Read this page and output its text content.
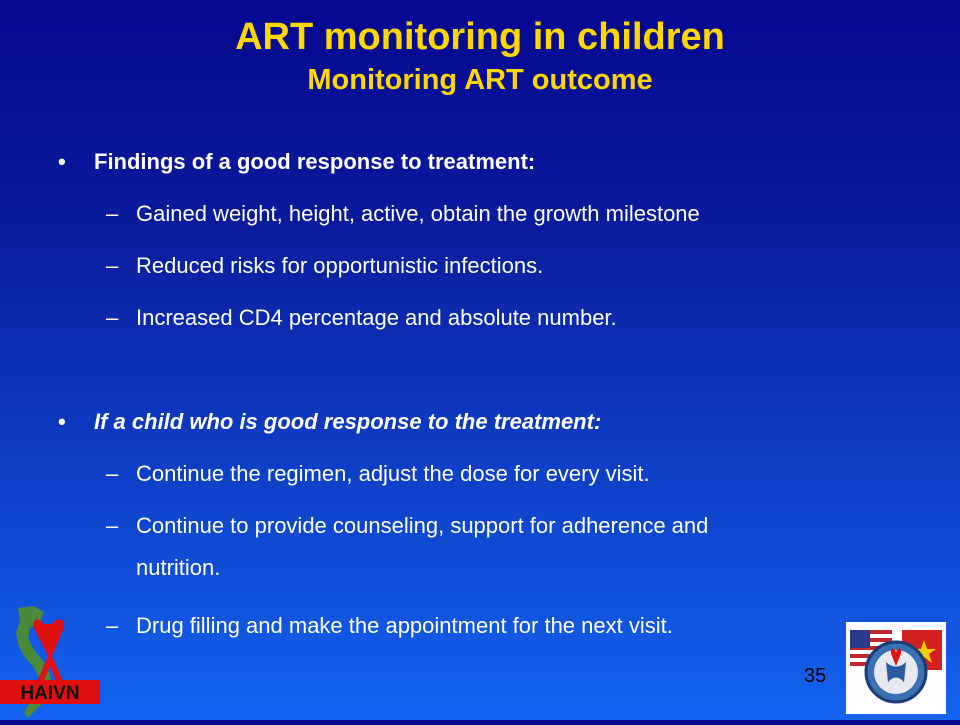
ART monitoring in children
Monitoring ART outcome
• Findings of a good response to treatment:
– Gained weight, height, active, obtain the growth milestone
– Reduced risks for opportunistic infections.
– Increased CD4 percentage and absolute number.
• If a child who is good response to the treatment:
– Continue the regimen, adjust the dose for every visit.
– Continue to provide counseling, support for adherence and
nutrition.
– Drug filling and make the appointment for the next visit.
35
HAIVN
